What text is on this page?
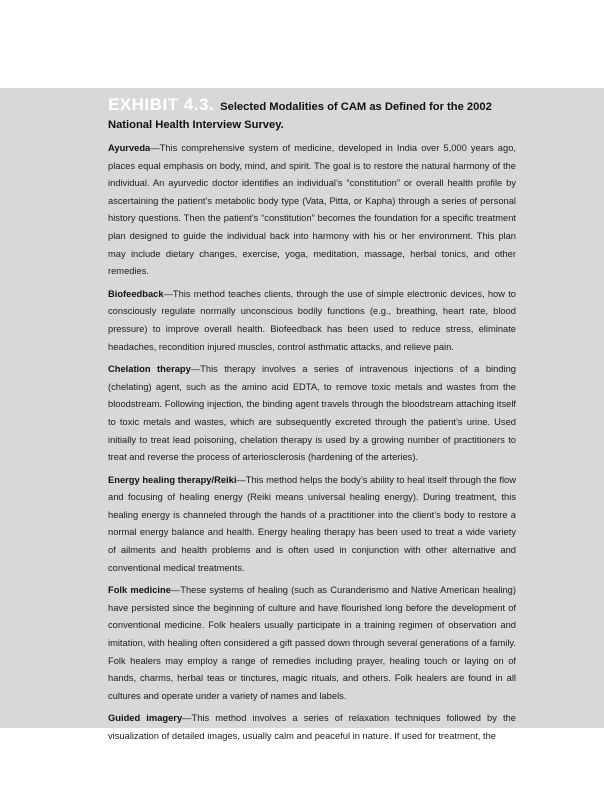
EXHIBIT 4.3. Selected Modalities of CAM as Defined for the 2002 National Health Interview Survey.

Ayurveda—This comprehensive system of medicine, developed in India over 5,000 years ago, places equal emphasis on body, mind, and spirit. The goal is to restore the natural harmony of the individual. An ayurvedic doctor identifies an individual’s “constitution” or overall health profile by ascertaining the patient’s metabolic body type (Vata, Pitta, or Kapha) through a series of personal history questions. Then the patient’s “constitution” becomes the foundation for a specific treatment plan designed to guide the individual back into harmony with his or her environment. This plan may include dietary changes, exercise, yoga, meditation, massage, herbal tonics, and other remedies.

Biofeedback—This method teaches clients, through the use of simple electronic devices, how to consciously regulate normally unconscious bodily functions (e.g., breathing, heart rate, blood pressure) to improve overall health. Biofeedback has been used to reduce stress, eliminate headaches, recondition injured muscles, control asthmatic attacks, and relieve pain.

Chelation therapy—This therapy involves a series of intravenous injections of a binding (chelating) agent, such as the amino acid EDTA, to remove toxic metals and wastes from the bloodstream. Following injection, the binding agent travels through the bloodstream attaching itself to toxic metals and wastes, which are subsequently excreted through the patient’s urine. Used initially to treat lead poisoning, chelation therapy is used by a growing number of practitioners to treat and reverse the process of arteriosclerosis (hardening of the arteries).

Energy healing therapy/Reiki—This method helps the body’s ability to heal itself through the flow and focusing of healing energy (Reiki means universal healing energy). During treatment, this healing energy is channeled through the hands of a practitioner into the client’s body to restore a normal energy balance and health. Energy healing therapy has been used to treat a wide variety of ailments and health problems and is often used in conjunction with other alternative and conventional medical treatments.

Folk medicine—These systems of healing (such as Curanderismo and Native American healing) have persisted since the beginning of culture and have flourished long before the development of conventional medicine. Folk healers usually participate in a training regimen of observation and imitation, with healing often considered a gift passed down through several generations of a family. Folk healers may employ a range of remedies including prayer, healing touch or laying on of hands, charms, herbal teas or tinctures, magic rituals, and others. Folk healers are found in all cultures and operate under a variety of names and labels.

Guided imagery—This method involves a series of relaxation techniques followed by the visualization of detailed images, usually calm and peaceful in nature. If used for treatment, the
